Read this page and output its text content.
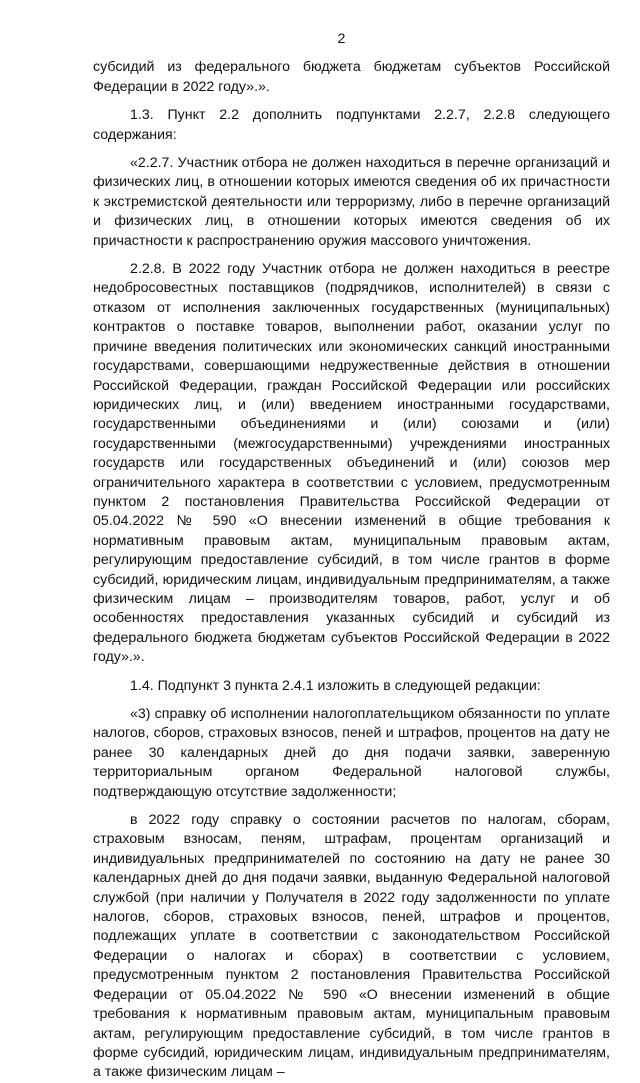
2

субсидий из федерального бюджета бюджетам субъектов Российской Федерации в 2022 году».».

1.3. Пункт 2.2 дополнить подпунктами 2.2.7, 2.2.8 следующего содержания:

«2.2.7. Участник отбора не должен находиться в перечне организаций и физических лиц, в отношении которых имеются сведения об их причастности к экстремистской деятельности или терроризму, либо в перечне организаций и физических лиц, в отношении которых имеются сведения об их причастности к распространению оружия массового уничтожения.

2.2.8. В 2022 году Участник отбора не должен находиться в реестре недобросовестных поставщиков (подрядчиков, исполнителей) в связи с отказом от исполнения заключенных государственных (муниципальных) контрактов о поставке товаров, выполнении работ, оказании услуг по причине введения политических или экономических санкций иностранными государствами, совершающими недружественные действия в отношении Российской Федерации, граждан Российской Федерации или российских юридических лиц, и (или) введением иностранными государствами, государственными объединениями и (или) союзами и (или) государственными (межгосударственными) учреждениями иностранных государств или государственных объединений и (или) союзов мер ограничительного характера в соответствии с условием, предусмотренным пунктом 2 постановления Правительства Российской Федерации от 05.04.2022 № 590 «О внесении изменений в общие требования к нормативным правовым актам, муниципальным правовым актам, регулирующим предоставление субсидий, в том числе грантов в форме субсидий, юридическим лицам, индивидуальным предпринимателям, а также физическим лицам – производителям товаров, работ, услуг и об особенностях предоставления указанных субсидий и субсидий из федерального бюджета бюджетам субъектов Российской Федерации в 2022 году».».

1.4. Подпункт 3 пункта 2.4.1 изложить в следующей редакции:

«3) справку об исполнении налогоплательщиком обязанности по уплате налогов, сборов, страховых взносов, пеней и штрафов, процентов на дату не ранее 30 календарных дней до дня подачи заявки, заверенную территориальным органом Федеральной налоговой службы, подтверждающую отсутствие задолженности;

в 2022 году справку о состоянии расчетов по налогам, сборам, страховым взносам, пеням, штрафам, процентам организаций и индивидуальных предпринимателей по состоянию на дату не ранее 30 календарных дней до дня подачи заявки, выданную Федеральной налоговой службой (при наличии у Получателя в 2022 году задолженности по уплате налогов, сборов, страховых взносов, пеней, штрафов и процентов, подлежащих уплате в соответствии с законодательством Российской Федерации о налогах и сборах) в соответствии с условием, предусмотренным пунктом 2 постановления Правительства Российской Федерации от 05.04.2022 № 590 «О внесении изменений в общие требования к нормативным правовым актам, муниципальным правовым актам, регулирующим предоставление субсидий, в том числе грантов в форме субсидий, юридическим лицам, индивидуальным предпринимателям, а также физическим лицам –
